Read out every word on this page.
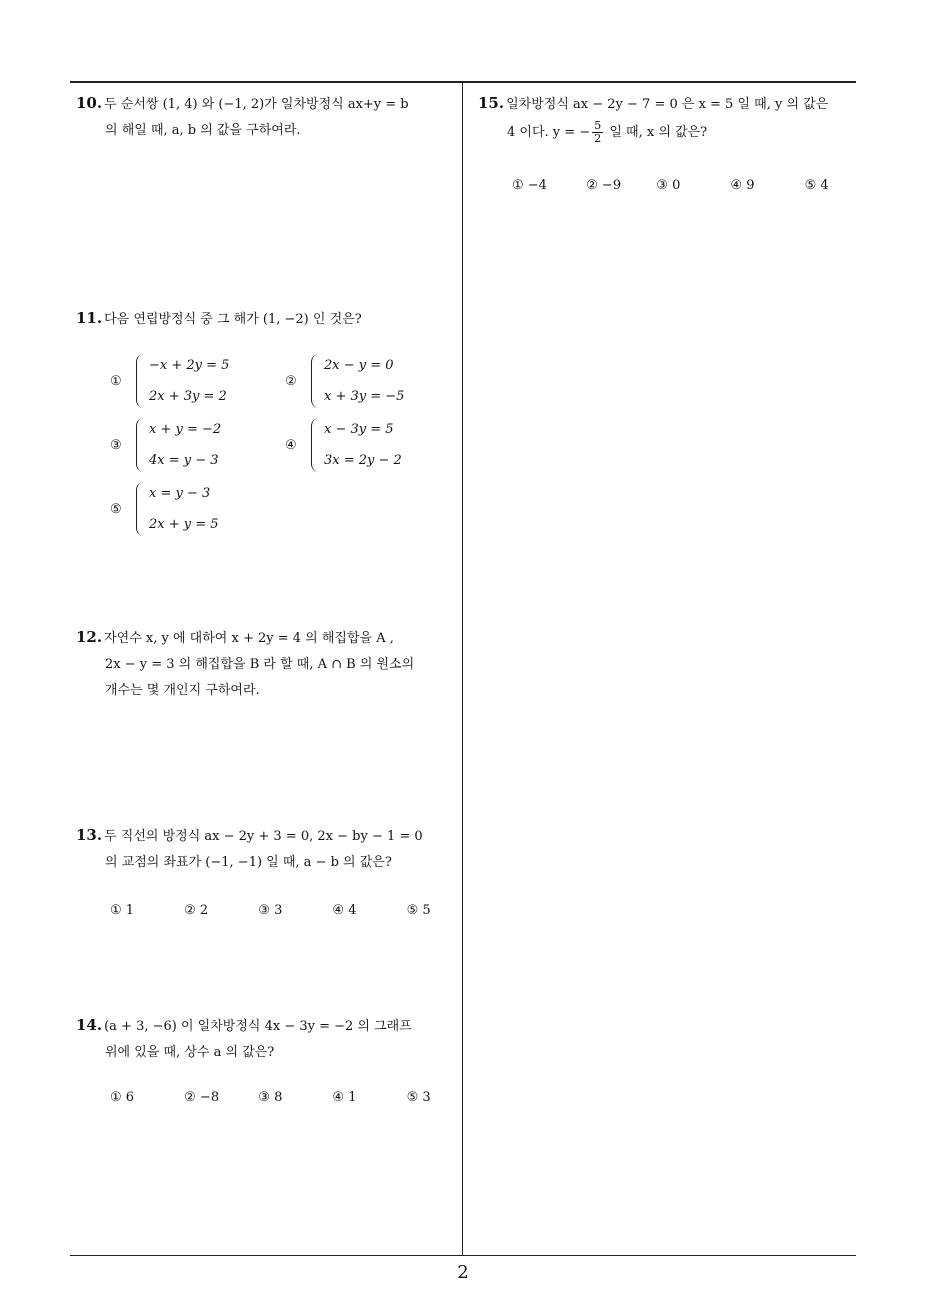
10. 두 순서쌍 (1, 4) 와 (−1, 2)가 일차방정식 ax+y = b
의 해일 때, a, b 의 값을 구하여라.
11. 다음 연립방정식 중 그 해가 (1, −2) 인 것은?
①
−x + 2y = 5
2x + 3y = 2
②
2x − y = 0
x + 3y = −5
③
x + y = −2
4x = y − 3
④
x − 3y = 5
3x = 2y − 2
⑤
x = y − 3
2x + y = 5
12. 자연수 x, y 에 대하여 x + 2y = 4 의 해집합을 A ,
2x − y = 3 의 해집합을 B 라 할 때, A ∩ B 의 원소의
개수는 몇 개인지 구하여라.
13. 두 직선의 방정식 ax − 2y + 3 = 0, 2x − by − 1 = 0
의 교점의 좌표가 (−1, −1) 일 때, a − b 의 값은?
① 1	② 2	③ 3	④ 4	⑤ 5
14. (a + 3, −6) 이 일차방정식 4x − 3y = −2 의 그래프
위에 있을 때, 상수 a 의 값은?
① 6	② −8	③ 8	④ 1	⑤ 3
15. 일차방정식 ax − 2y − 7 = 0 은 x = 5 일 때, y 의 값은
4 이다. y = − $\frac{5}{2}$ 일 때, x 의 값은?
① −4	② −9	③ 0	④ 9	⑤ 4
2
